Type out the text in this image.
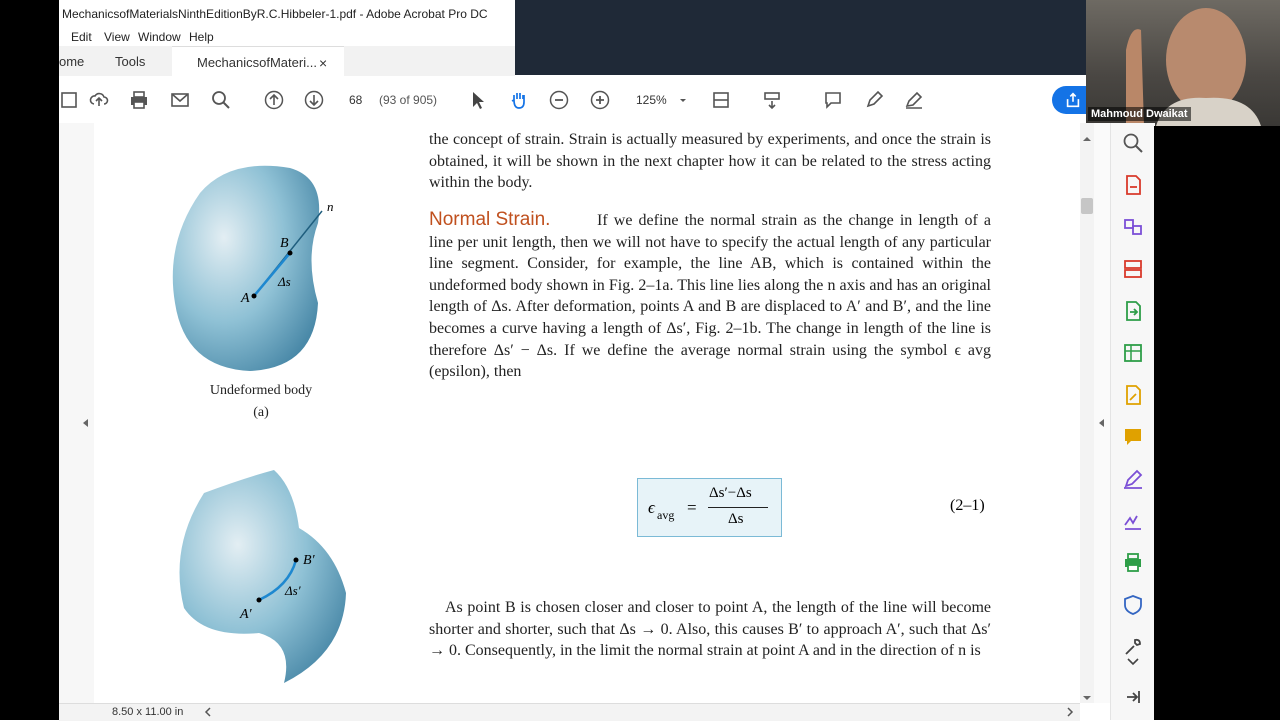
MechanicsofMaterialsNinthEditionByR.C.Hibbeler-1.pdf - Adobe Acrobat Pro DC
Edit View Window Help
ome Tools	MechanicsofMateri... ×
68 (93 of 905)	125%
Mahmoud Dwaikat
n
B
A
Δs
Undeformed body
(a)
B′
A′
Δs′
the concept of strain. Strain is actually measured by experiments, and once the strain is obtained, it will be shown in the next chapter how it can be related to the stress acting within the body.
Normal Strain.	If we define the normal strain as the change in length of a line per unit length, then we will not have to specify the actual length of any particular line segment. Consider, for example, the line AB, which is contained within the undeformed body shown in Fig. 2–1a. This line lies along the n axis and has an original length of Δs. After deformation, points A and B are displaced to A′ and B′, and the line becomes a curve having a length of Δs′, Fig. 2–1b. The change in length of the line is therefore Δs′ − Δs. If we define the average normal strain using the symbol ϵ avg (epsilon), then
ϵ avg =
Δs′−Δs
Δs
(2–1)
As point B is chosen closer and closer to point A, the length of the line will become shorter and shorter, such that Δs → 0. Also, this causes B′ to approach A′, such that Δs′ → 0. Consequently, in the limit the normal strain at point A and in the direction of n is
8.50 x 11.00 in
